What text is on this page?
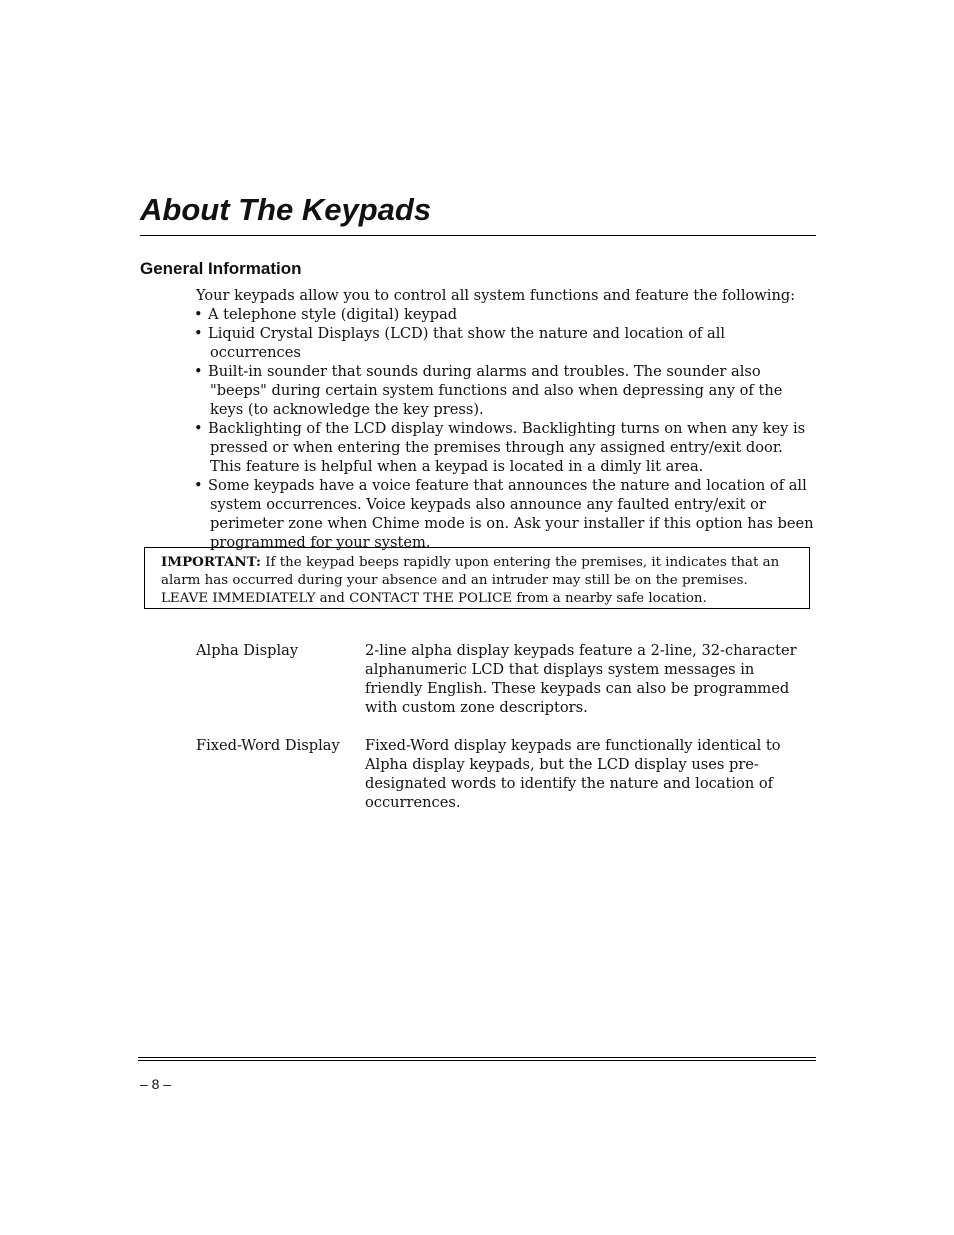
About The Keypads
General Information
Your keypads allow you to control all system functions and feature the following:
• A telephone style (digital) keypad
• Liquid Crystal Displays (LCD) that show the nature and location of all occurrences
• Built-in sounder that sounds during alarms and troubles. The sounder also "beeps" during certain system functions and also when depressing any of the keys (to acknowledge the key press).
• Backlighting of the LCD display windows. Backlighting turns on when any key is pressed or when entering the premises through any assigned entry/exit door. This feature is helpful when a keypad is located in a dimly lit area.
• Some keypads have a voice feature that announces the nature and location of all system occurrences. Voice keypads also announce any faulted entry/exit or perimeter zone when Chime mode is on. Ask your installer if this option has been programmed for your system.
IMPORTANT: If the keypad beeps rapidly upon entering the premises, it indicates that an alarm has occurred during your absence and an intruder may still be on the premises. LEAVE IMMEDIATELY and CONTACT THE POLICE from a nearby safe location.
Alpha Display	2-line alpha display keypads feature a 2-line, 32-character alphanumeric LCD that displays system messages in friendly English. These keypads can also be programmed with custom zone descriptors.
Fixed-Word Display	Fixed-Word display keypads are functionally identical to Alpha display keypads, but the LCD display uses pre-designated words to identify the nature and location of occurrences.
– 8 –
